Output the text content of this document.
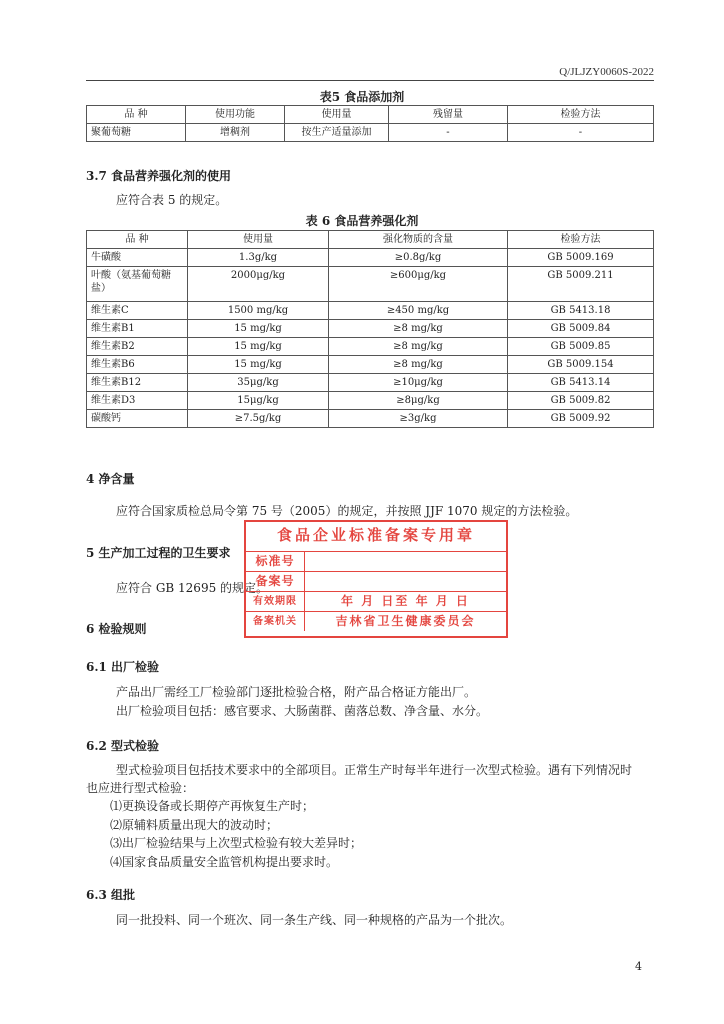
Q/JLJZY0060S-2022
表5 食品添加剂
品 种	使用功能	使用量	残留量	检验方法
聚葡萄糖	增稠剂	按生产适量添加	-	-
3.7 食品营养强化剂的使用
应符合表 5 的规定。
表 6 食品营养强化剂
品 种	使用量	强化物质的含量	检验方法
牛磺酸	1.3g/kg	≥0.8g/kg	GB 5009.169
叶酸（氨基葡萄糖盐）	2000μg/kg	≥600μg/kg	GB 5009.211
维生素C	1500 mg/kg	≥450 mg/kg	GB 5413.18
维生素B1	15 mg/kg	≥8 mg/kg	GB 5009.84
维生素B2	15 mg/kg	≥8 mg/kg	GB 5009.85
维生素B6	15 mg/kg	≥8 mg/kg	GB 5009.154
维生素B12	35μg/kg	≥10μg/kg	GB 5413.14
维生素D3	15μg/kg	≥8μg/kg	GB 5009.82
碳酸钙	≥7.5g/kg	≥3g/kg	GB 5009.92
4 净含量
应符合国家质检总局令第 75 号（2005）的规定，并按照 JJF 1070 规定的方法检验。
5 生产加工过程的卫生要求
应符合 GB 12695 的规定。
6 检验规则
6.1 出厂检验
产品出厂需经工厂检验部门逐批检验合格，附产品合格证方能出厂。
出厂检验项目包括：感官要求、大肠菌群、菌落总数、净含量、水分。
6.2 型式检验
型式检验项目包括技术要求中的全部项目。正常生产时每半年进行一次型式检验。遇有下列情况时
也应进行型式检验：
⑴更换设备或长期停产再恢复生产时；
⑵原辅料质量出现大的波动时；
⑶出厂检验结果与上次型式检验有较大差异时；
⑷国家食品质量安全监管机构提出要求时。
6.3 组批
同一批投料、同一个班次、同一条生产线、同一种规格的产品为一个批次。
食品企业标准备案专用章
标准号
备案号
有效期限	年 月 日至 年 月 日
备案机关	吉林省卫生健康委员会
4
